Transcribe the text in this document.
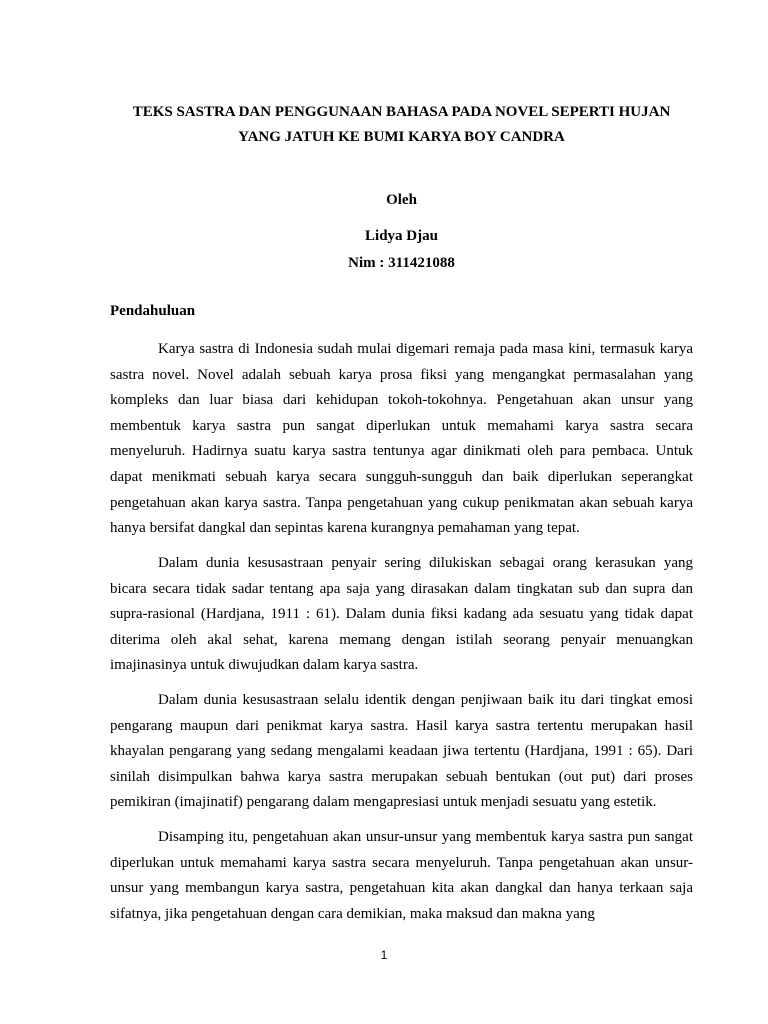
TEKS SASTRA DAN PENGGUNAAN BAHASA PADA NOVEL SEPERTI HUJAN
YANG JATUH KE BUMI KARYA BOY CANDRA

Oleh

Lidya Djau

Nim : 311421088

Pendahuluan

Karya sastra di Indonesia sudah mulai digemari remaja pada masa kini, termasuk karya sastra novel. Novel adalah sebuah karya prosa fiksi yang mengangkat permasalahan yang kompleks dan luar biasa dari kehidupan tokoh-tokohnya. Pengetahuan akan unsur yang membentuk karya sastra pun sangat diperlukan untuk memahami karya sastra secara menyeluruh. Hadirnya suatu karya sastra tentunya agar dinikmati oleh para pembaca. Untuk dapat menikmati sebuah karya secara sungguh-sungguh dan baik diperlukan seperangkat pengetahuan akan karya sastra. Tanpa pengetahuan yang cukup penikmatan akan sebuah karya hanya bersifat dangkal dan sepintas karena kurangnya pemahaman yang tepat.

Dalam dunia kesusastraan penyair sering dilukiskan sebagai orang kerasukan yang bicara secara tidak sadar tentang apa saja yang dirasakan dalam tingkatan sub dan supra dan supra-rasional (Hardjana, 1911 : 61). Dalam dunia fiksi kadang ada sesuatu yang tidak dapat diterima oleh akal sehat, karena memang dengan istilah seorang penyair menuangkan imajinasinya untuk diwujudkan dalam karya sastra.

Dalam dunia kesusastraan selalu identik dengan penjiwaan baik itu dari tingkat emosi pengarang maupun dari penikmat karya sastra. Hasil karya sastra tertentu merupakan hasil khayalan pengarang yang sedang mengalami keadaan jiwa tertentu (Hardjana, 1991 : 65). Dari sinilah disimpulkan bahwa karya sastra merupakan sebuah bentukan (out put) dari proses pemikiran (imajinatif) pengarang dalam mengapresiasi untuk menjadi sesuatu yang estetik.

Disamping itu, pengetahuan akan unsur-unsur yang membentuk karya sastra pun sangat diperlukan untuk memahami karya sastra secara menyeluruh. Tanpa pengetahuan akan unsur-unsur yang membangun karya sastra, pengetahuan kita akan dangkal dan hanya terkaan saja sifatnya, jika pengetahuan dengan cara demikian, maka maksud dan makna yang

1
